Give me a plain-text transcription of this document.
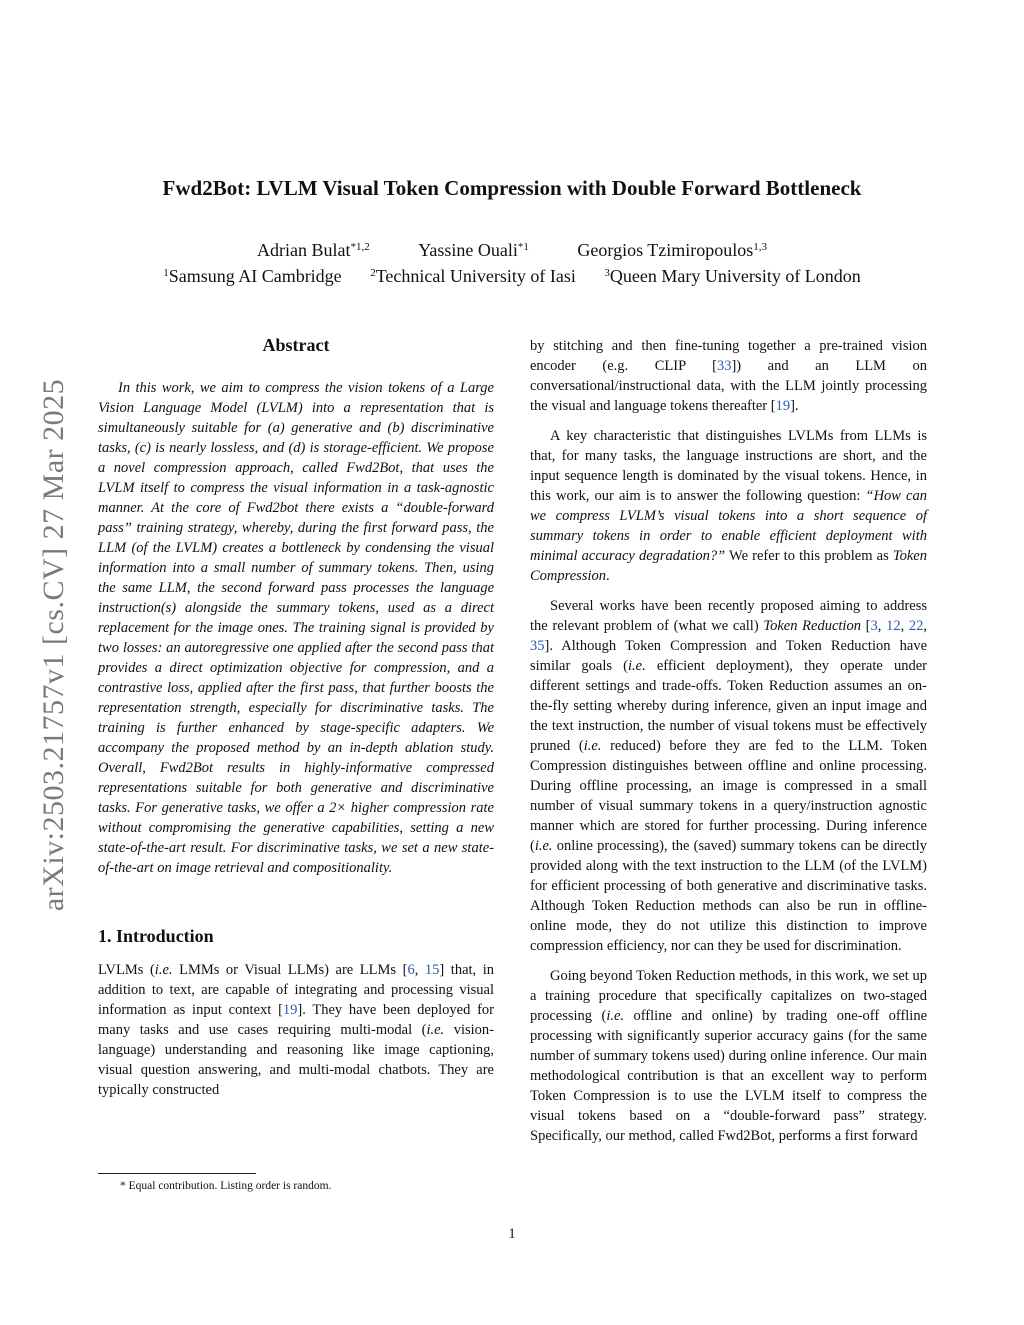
arXiv:2503.21757v1 [cs.CV] 27 Mar 2025
Fwd2Bot: LVLM Visual Token Compression with Double Forward Bottleneck
Adrian Bulat$^{*1,2}$	Yassine Ouali$^{*1}$	Georgios Tzimiropoulos$^{1,3}$
$^1$Samsung AI Cambridge	$^2$Technical University of Iasi	$^3$Queen Mary University of London
Abstract

In this work, we aim to compress the vision tokens of a Large Vision Language Model (LVLM) into a representation that is simultaneously suitable for (a) generative and (b) discriminative tasks, (c) is nearly lossless, and (d) is storage-efficient. We propose a novel compression approach, called Fwd2Bot, that uses the LVLM itself to compress the visual information in a task-agnostic manner. At the core of Fwd2bot there exists a “double-forward pass” training strategy, whereby, during the first forward pass, the LLM (of the LVLM) creates a bottleneck by condensing the visual information into a small number of summary tokens. Then, using the same LLM, the second forward pass processes the language instruction(s) alongside the summary tokens, used as a direct replacement for the image ones. The training signal is provided by two losses: an autoregressive one applied after the second pass that provides a direct optimization objective for compression, and a contrastive loss, applied after the first pass, that further boosts the representation strength, especially for discriminative tasks. The training is further enhanced by stage-specific adapters. We accompany the proposed method by an in-depth ablation study. Overall, Fwd2Bot results in highly-informative compressed representations suitable for both generative and discriminative tasks. For generative tasks, we offer a 2× higher compression rate without compromising the generative capabilities, setting a new state-of-the-art result. For discriminative tasks, we set a new state-of-the-art on image retrieval and compositionality.

1. Introduction

LVLMs (i.e. LMMs or Visual LLMs) are LLMs [6, 15] that, in addition to text, are capable of integrating and processing visual information as input context [19]. They have been deployed for many tasks and use cases requiring multi-modal (i.e. vision-language) understanding and reasoning like image captioning, visual question answering, and multi-modal chatbots. They are typically constructed

by stitching and then fine-tuning together a pre-trained vision encoder (e.g. CLIP [33]) and an LLM on conversational/instructional data, with the LLM jointly processing the visual and language tokens thereafter [19].

A key characteristic that distinguishes LVLMs from LLMs is that, for many tasks, the language instructions are short, and the input sequence length is dominated by the visual tokens. Hence, in this work, our aim is to answer the following question: “How can we compress LVLM’s visual tokens into a short sequence of summary tokens in order to enable efficient deployment with minimal accuracy degradation?” We refer to this problem as Token Compression.

Several works have been recently proposed aiming to address the relevant problem of (what we call) Token Reduction [3, 12, 22, 35]. Although Token Compression and Token Reduction have similar goals (i.e. efficient deployment), they operate under different settings and trade-offs. Token Reduction assumes an on-the-fly setting whereby during inference, given an input image and the text instruction, the number of visual tokens must be effectively pruned (i.e. reduced) before they are fed to the LLM. Token Compression distinguishes between offline and online processing. During offline processing, an image is compressed in a small number of visual summary tokens in a query/instruction agnostic manner which are stored for further processing. During inference (i.e. online processing), the (saved) summary tokens can be directly provided along with the text instruction to the LLM (of the LVLM) for efficient processing of both generative and discriminative tasks. Although Token Reduction methods can also be run in offline-online mode, they do not utilize this distinction to improve compression efficiency, nor can they be used for discrimination.

Going beyond Token Reduction methods, in this work, we set up a training procedure that specifically capitalizes on two-staged processing (i.e. offline and online) by trading one-off offline processing with significantly superior accuracy gains (for the same number of summary tokens used) during online inference. Our main methodological contribution is that an excellent way to perform Token Compression is to use the LVLM itself to compress the visual tokens based on a “double-forward pass” strategy. Specifically, our method, called Fwd2Bot, performs a first forward

* Equal contribution. Listing order is random.
1
